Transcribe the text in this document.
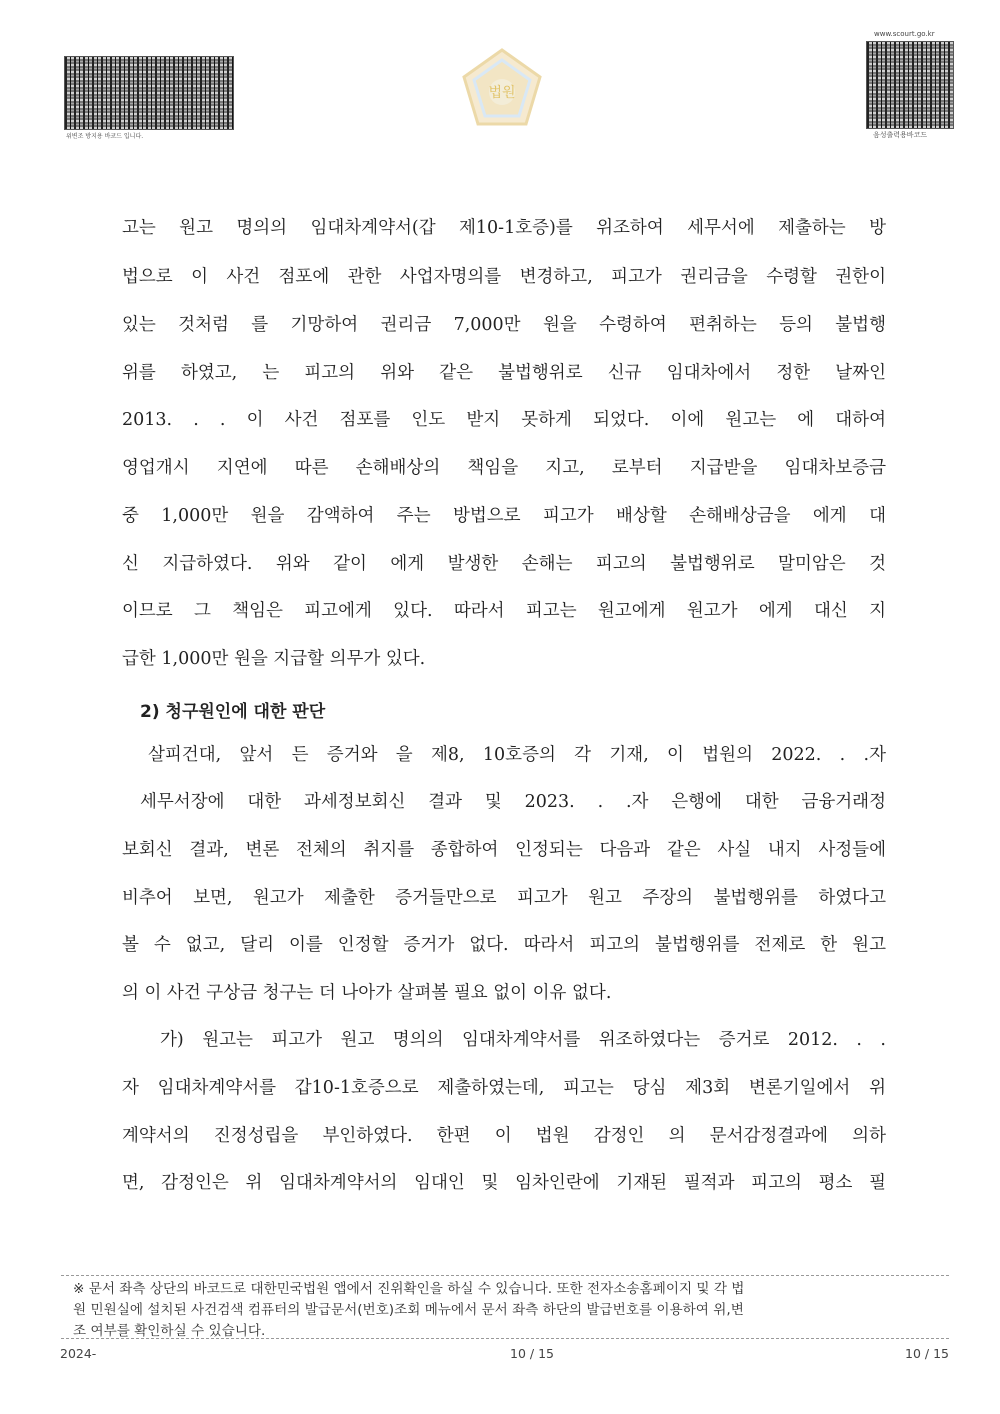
위변조 방지용 바코드 입니다.
법원
www.scourt.go.kr
음성출력용바코드
고는 원고 명의의 임대차계약서(갑 제10-1호증)를 위조하여 세무서에 제출하는 방
법으로 이 사건 점포에 관한 사업자명의를 변경하고, 피고가 권리금을 수령할 권한이
있는 것처럼 를 기망하여 권리금 7,000만 원을 수령하여 편취하는 등의 불법행
위를 하였고, 는 피고의 위와 같은 불법행위로 신규 임대차에서 정한 날짜인
2013. . . 이 사건 점포를 인도 받지 못하게 되었다. 이에 원고는 에 대하여
영업개시 지연에 따른 손해배상의 책임을 지고, 로부터 지급받을 임대차보증금
중 1,000만 원을 감액하여 주는 방법으로 피고가 배상할 손해배상금을 에게 대
신 지급하였다. 위와 같이 에게 발생한 손해는 피고의 불법행위로 말미암은 것
이므로 그 책임은 피고에게 있다. 따라서 피고는 원고에게 원고가 에게 대신 지
급한 1,000만 원을 지급할 의무가 있다.
2) 청구원인에 대한 판단
살피건대, 앞서 든 증거와 을 제8, 10호증의 각 기재, 이 법원의 2022. . .자
세무서장에 대한 과세정보회신 결과 및 2023. . .자 은행에 대한 금융거래정
보회신 결과, 변론 전체의 취지를 종합하여 인정되는 다음과 같은 사실 내지 사정들에
비추어 보면, 원고가 제출한 증거들만으로 피고가 원고 주장의 불법행위를 하였다고
볼 수 없고, 달리 이를 인정할 증거가 없다. 따라서 피고의 불법행위를 전제로 한 원고
의 이 사건 구상금 청구는 더 나아가 살펴볼 필요 없이 이유 없다.
가) 원고는 피고가 원고 명의의 임대차계약서를 위조하였다는 증거로 2012. . .
자 임대차계약서를 갑10-1호증으로 제출하였는데, 피고는 당심 제3회 변론기일에서 위
계약서의 진정성립을 부인하였다. 한편 이 법원 감정인 의 문서감정결과에 의하
면, 감정인은 위 임대차계약서의 임대인 및 임차인란에 기재된 필적과 피고의 평소 필
※ 문서 좌측 상단의 바코드로 대한민국법원 앱에서 진위확인을 하실 수 있습니다. 또한 전자소송홈페이지 및 각 법
원 민원실에 설치된 사건검색 컴퓨터의 발급문서(번호)조회 메뉴에서 문서 좌측 하단의 발급번호를 이용하여 위,변
조 여부를 확인하실 수 있습니다.
2024-	10 / 15	10 / 15
